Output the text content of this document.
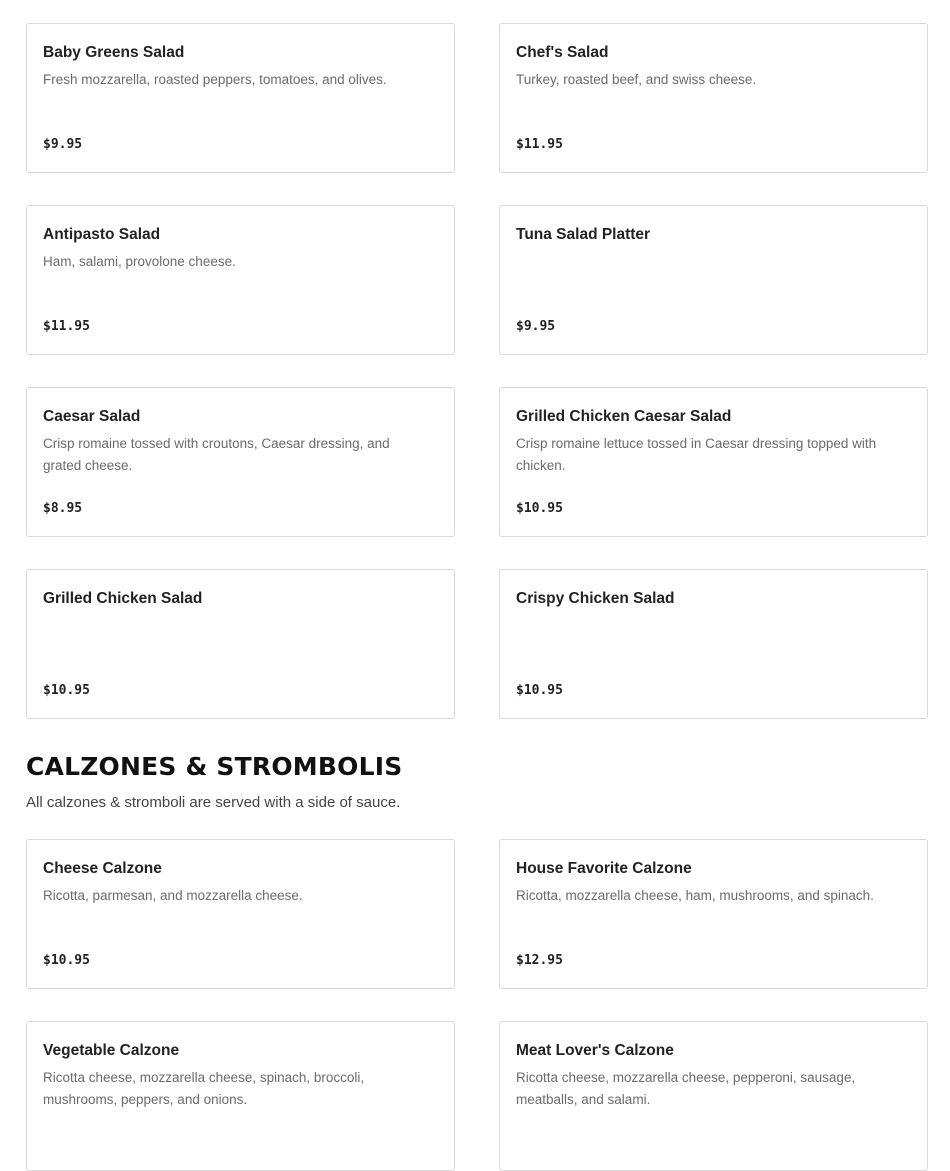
Baby Greens Salad
Fresh mozzarella, roasted peppers, tomatoes, and olives.
$9.95
Chef's Salad
Turkey, roasted beef, and swiss cheese.
$11.95
Antipasto Salad
Ham, salami, provolone cheese.
$11.95
Tuna Salad Platter
$9.95
Caesar Salad
Crisp romaine tossed with croutons, Caesar dressing, and grated cheese.
$8.95
Grilled Chicken Caesar Salad
Crisp romaine lettuce tossed in Caesar dressing topped with chicken.
$10.95
Grilled Chicken Salad
$10.95
Crispy Chicken Salad
$10.95
CALZONES & STROMBOLIS
All calzones & stromboli are served with a side of sauce.
Cheese Calzone
Ricotta, parmesan, and mozzarella cheese.
$10.95
House Favorite Calzone
Ricotta, mozzarella cheese, ham, mushrooms, and spinach.
$12.95
Vegetable Calzone
Ricotta cheese, mozzarella cheese, spinach, broccoli, mushrooms, peppers, and onions.
Meat Lover's Calzone
Ricotta cheese, mozzarella cheese, pepperoni, sausage, meatballs, and salami.
